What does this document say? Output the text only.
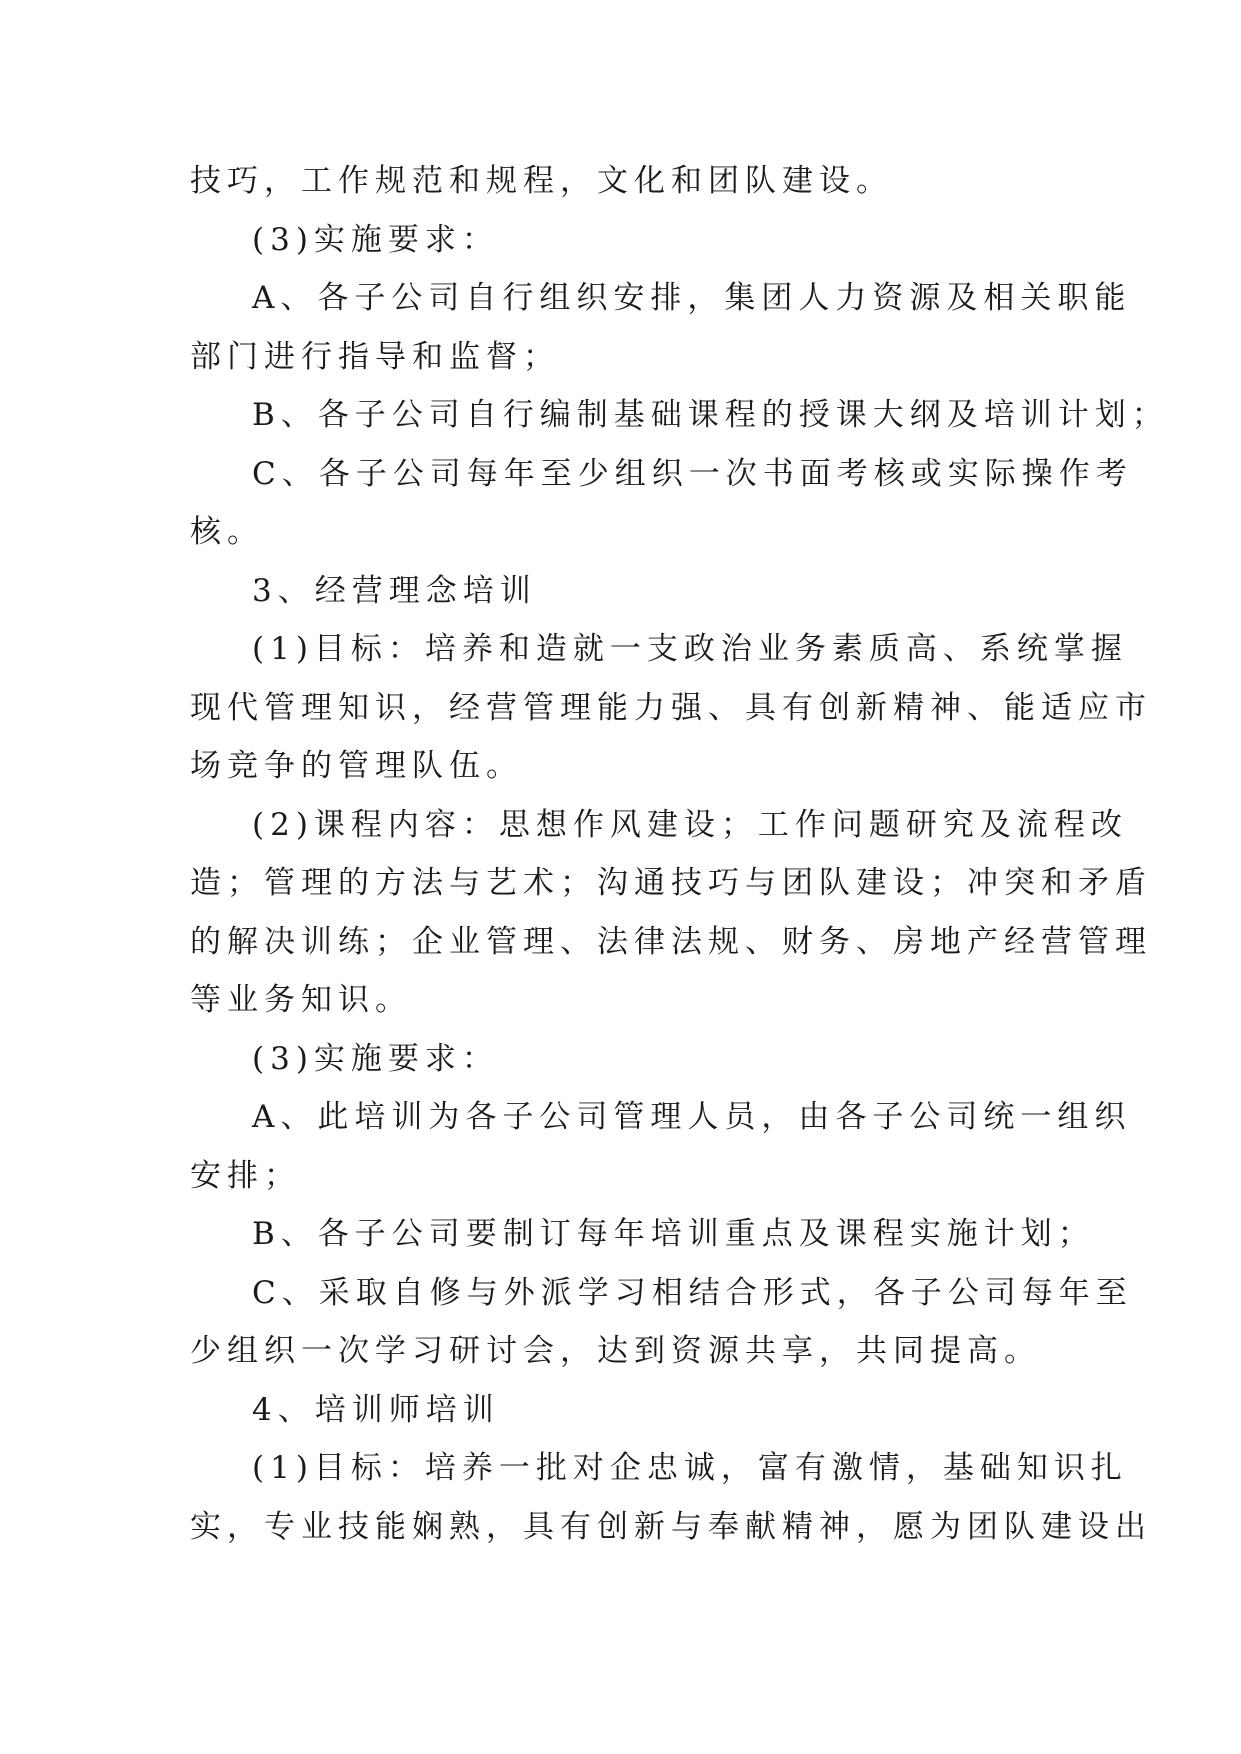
技巧，工作规范和规程，文化和团队建设。
(3)实施要求：
A、各子公司自行组织安排，集团人力资源及相关职能
部门进行指导和监督；
B、各子公司自行编制基础课程的授课大纲及培训计划；
C、各子公司每年至少组织一次书面考核或实际操作考
核。
3、经营理念培训
(1)目标：培养和造就一支政治业务素质高、系统掌握
现代管理知识，经营管理能力强、具有创新精神、能适应市
场竞争的管理队伍。
(2)课程内容：思想作风建设；工作问题研究及流程改
造；管理的方法与艺术；沟通技巧与团队建设；冲突和矛盾
的解决训练；企业管理、法律法规、财务、房地产经营管理
等业务知识。
(3)实施要求：
A、此培训为各子公司管理人员，由各子公司统一组织
安排；
B、各子公司要制订每年培训重点及课程实施计划；
C、采取自修与外派学习相结合形式，各子公司每年至
少组织一次学习研讨会，达到资源共享，共同提高。
4、培训师培训
(1)目标：培养一批对企忠诚，富有激情，基础知识扎
实，专业技能娴熟，具有创新与奉献精神，愿为团队建设出
